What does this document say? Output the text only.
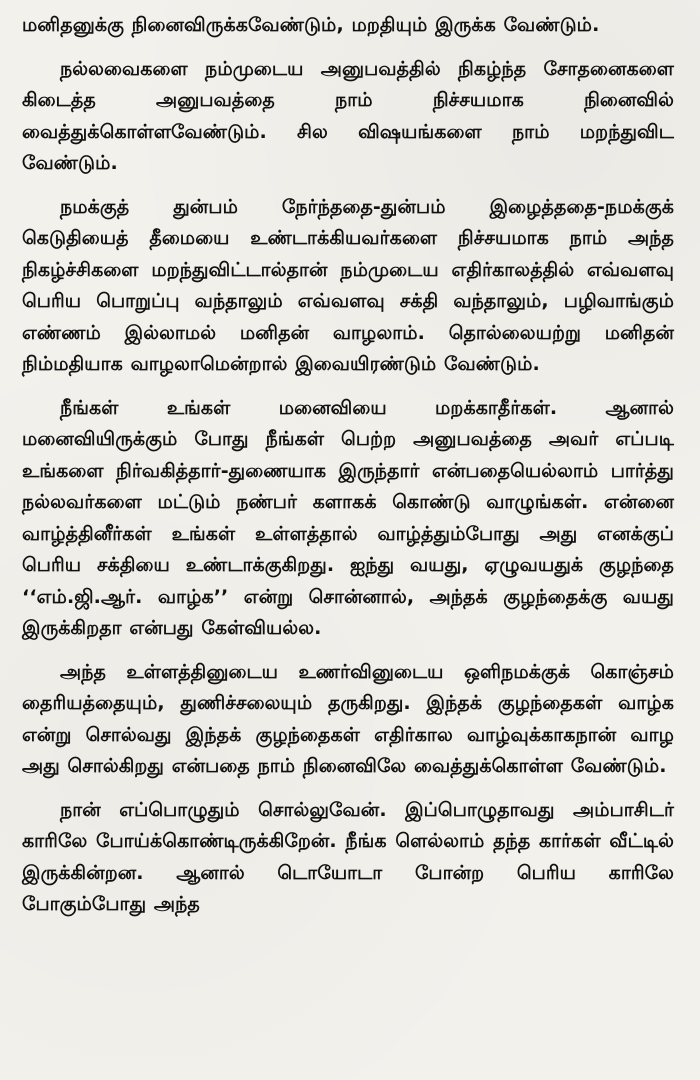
மனிதனுக்கு நினைவிருக்கவேண்டும், மறதியும் இருக்க வேண்டும்.

நல்லவைகளை நம்முடைய அனுபவத்தில் நிகழ்ந்த சோதனைகளை கிடைத்த அனுபவத்தை நாம் நிச்சயமாக நினைவில் வைத்துக்கொள்ளவேண்டும். சில விஷயங்களை நாம் மறந்துவிட வேண்டும்.

நமக்குத் துன்பம் நேர்ந்ததை-துன்பம் இழைத்ததை-நமக்குக் கெடுதியைத் தீமையை உண்டாக்கியவர்களை நிச்சயமாக நாம் அந்த நிகழ்ச்சிகளை மறந்துவிட்டால்தான் நம்முடைய எதிர்காலத்தில் எவ்வளவு பெரிய பொறுப்பு வந்தாலும் எவ்வளவு சக்தி வந்தாலும், பழிவாங்கும் எண்ணம் இல்லாமல் மனிதன் வாழலாம். தொல்லையற்று மனிதன் நிம்மதியாக வாழலாமென்றால் இவையிரண்டும் வேண்டும்.

நீங்கள் உங்கள் மனைவியை மறக்காதீர்கள். ஆனால் மனைவியிருக்கும் போது நீங்கள் பெற்ற அனுபவத்தை அவர் எப்படி உங்களை நிர்வகித்தார்-துணையாக இருந்தார் என்பதையெல்லாம் பார்த்து நல்லவர்களை மட்டும் நண்பர் களாகக் கொண்டு வாழுங்கள். என்னை வாழ்த்தினீர்கள் உங்கள் உள்ளத்தால் வாழ்த்தும்போது அது எனக்குப் பெரிய சக்தியை உண்டாக்குகிறது. ஐந்து வயது, ஏழுவயதுக் குழந்தை ‘‘எம்.ஜி.ஆர். வாழ்க’’ என்று சொன்னால், அந்தக் குழந்தைக்கு வயது இருக்கிறதா என்பது கேள்வியல்ல.

அந்த உள்ளத்தினுடைய உணர்வினுடைய ஒளிநமக்குக் கொஞ்சம் தைரியத்தையும், துணிச்சலையும் தருகிறது. இந்தக் குழந்தைகள் வாழ்க என்று சொல்வது இந்தக் குழந்தைகள் எதிர்கால வாழ்வுக்காகநான் வாழ அது சொல்கிறது என்பதை நாம் நினைவிலே வைத்துக்கொள்ள வேண்டும்.

நான் எப்பொழுதும் சொல்லுவேன். இப்பொழுதாவது அம்பாசிடர் காரிலே போய்க்கொண்டிருக்கிறேன். நீங்க ளெல்லாம் தந்த கார்கள் வீட்டில் இருக்கின்றன. ஆனால் டொயோடா போன்ற பெரிய காரிலே போகும்போது அந்த
